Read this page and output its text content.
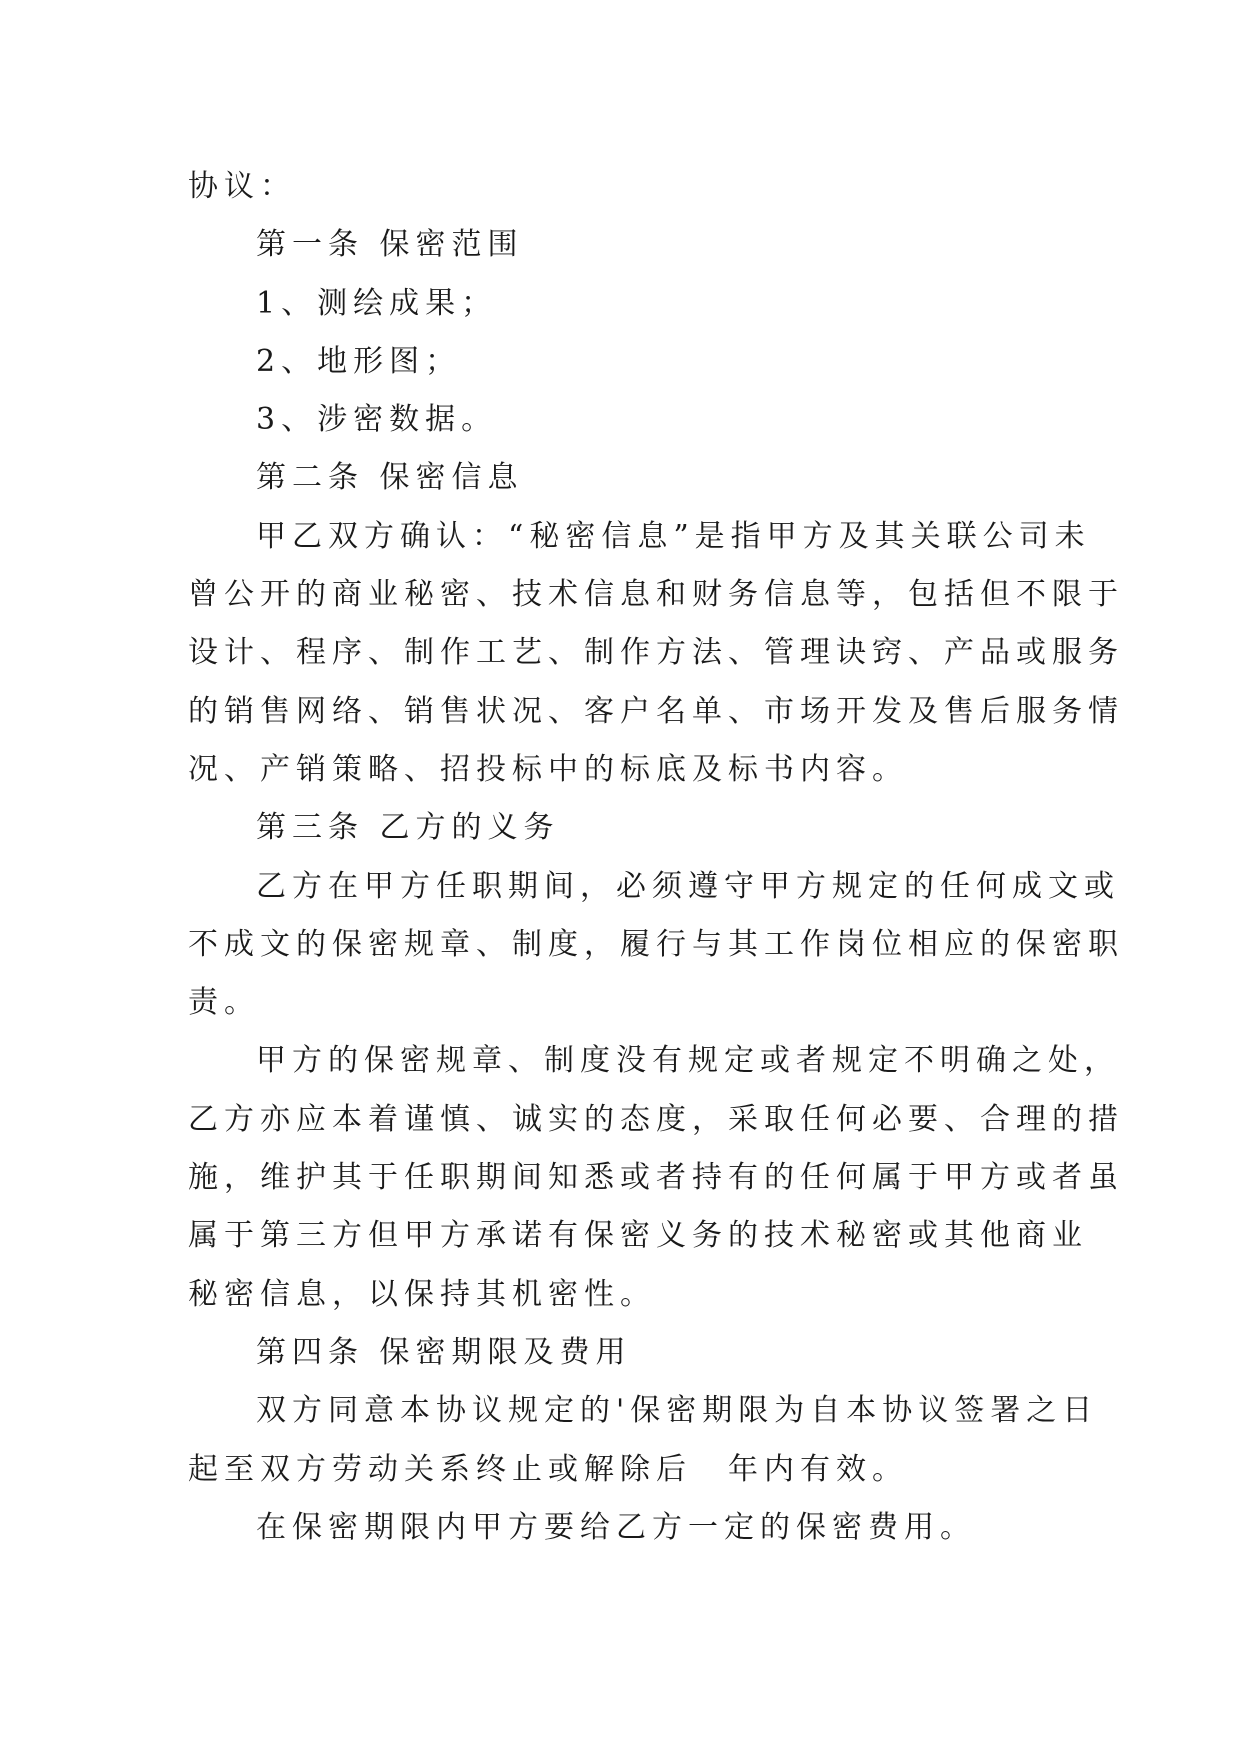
协议：
第一条 保密范围
1、测绘成果；
2、地形图；
3、涉密数据。
第二条 保密信息
甲乙双方确认：“秘密信息”是指甲方及其关联公司未
曾公开的商业秘密、技术信息和财务信息等，包括但不限于
设计、程序、制作工艺、制作方法、管理诀窍、产品或服务
的销售网络、销售状况、客户名单、市场开发及售后服务情
况、产销策略、招投标中的标底及标书内容。
第三条 乙方的义务
乙方在甲方任职期间，必须遵守甲方规定的任何成文或
不成文的保密规章、制度，履行与其工作岗位相应的保密职
责。
甲方的保密规章、制度没有规定或者规定不明确之处，
乙方亦应本着谨慎、诚实的态度，采取任何必要、合理的措
施，维护其于任职期间知悉或者持有的任何属于甲方或者虽
属于第三方但甲方承诺有保密义务的技术秘密或其他商业
秘密信息，以保持其机密性。
第四条 保密期限及费用
双方同意本协议规定的'保密期限为自本协议签署之日
起至双方劳动关系终止或解除后　年内有效。
在保密期限内甲方要给乙方一定的保密费用。
